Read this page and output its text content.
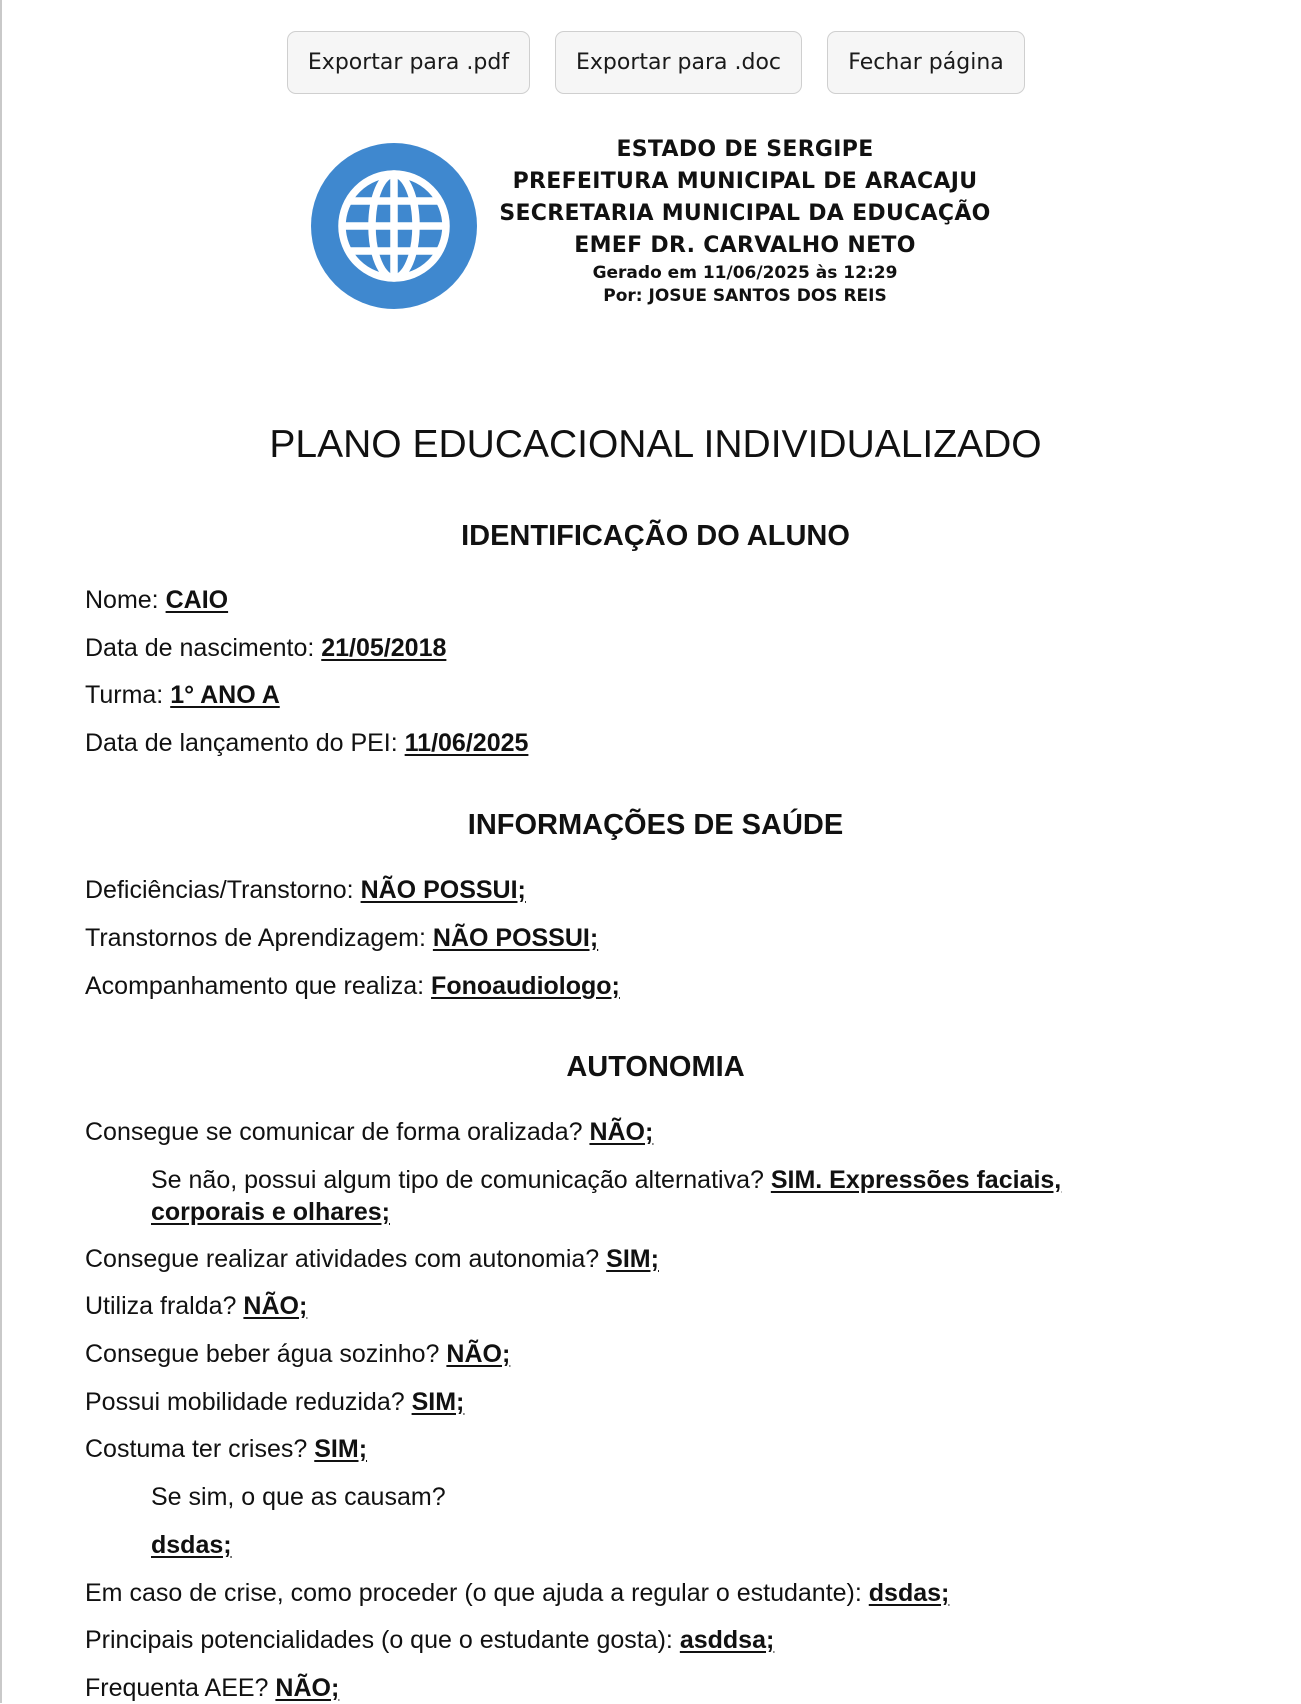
Exportar para .pdf	Exportar para .doc	Fechar página
ESTADO DE SERGIPE
PREFEITURA MUNICIPAL DE ARACAJU
SECRETARIA MUNICIPAL DA EDUCAÇÃO
EMEF DR. CARVALHO NETO
Gerado em 11/06/2025 às 12:29
Por: JOSUE SANTOS DOS REIS
PLANO EDUCACIONAL INDIVIDUALIZADO
IDENTIFICAÇÃO DO ALUNO

Nome: CAIO

Data de nascimento: 21/05/2018

Turma: 1° ANO A

Data de lançamento do PEI: 11/06/2025

INFORMAÇÕES DE SAÚDE

Deficiências/Transtorno: NÃO POSSUI;

Transtornos de Aprendizagem: NÃO POSSUI;

Acompanhamento que realiza: Fonoaudiologo;

AUTONOMIA

Consegue se comunicar de forma oralizada? NÃO;

Se não, possui algum tipo de comunicação alternativa? SIM. Expressões faciais, corporais e olhares;

Consegue realizar atividades com autonomia? SIM;

Utiliza fralda? NÃO;

Consegue beber água sozinho? NÃO;

Possui mobilidade reduzida? SIM;

Costuma ter crises? SIM;

Se sim, o que as causam?

dsdas;

Em caso de crise, como proceder (o que ajuda a regular o estudante): dsdas;

Principais potencialidades (o que o estudante gosta): asddsa;

Frequenta AEE? NÃO;
